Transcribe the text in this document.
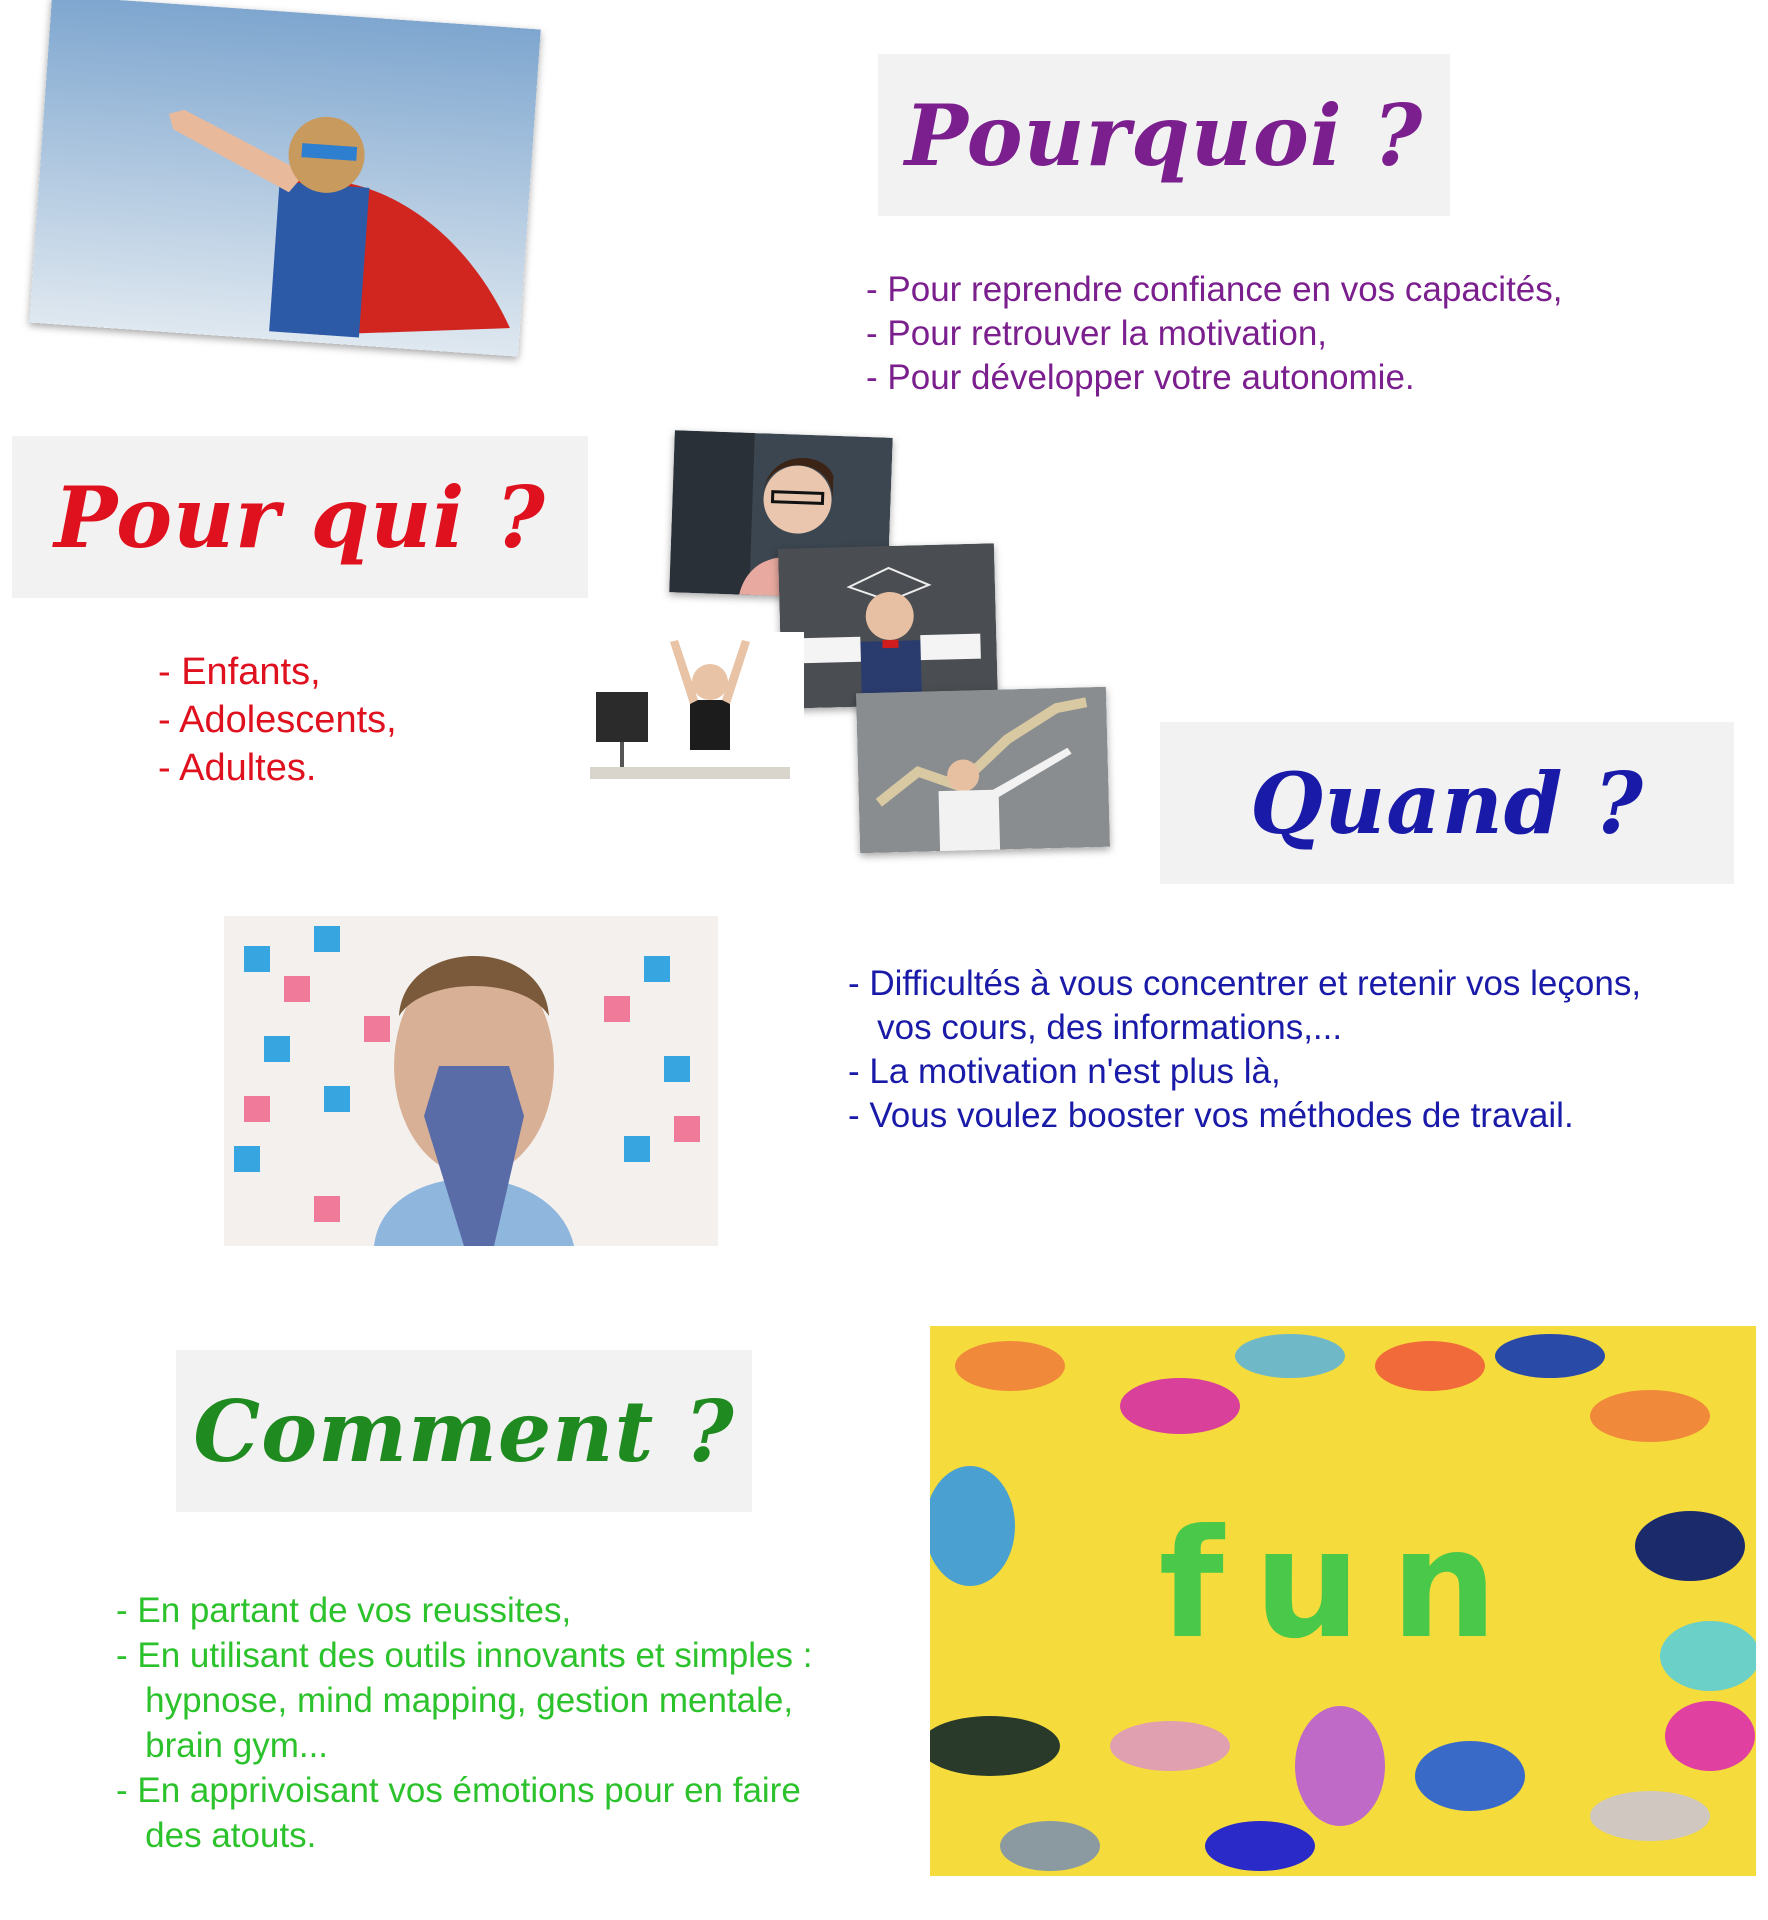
Pourquoi ?
- Pour reprendre confiance en vos capacités,
- Pour retrouver la motivation,
- Pour développer votre autonomie.
Pour qui ?
- Enfants,
- Adolescents,
- Adultes.	Quand ?
- Difficultés à vous concentrer et retenir vos leçons,
vos cours, des informations,...
- La motivation n'est plus là,
- Vous voulez booster vos méthodes de travail.
Comment ?
- En partant de vos reussites,
- En utilisant des outils innovants et simples :
hypnose, mind mapping, gestion mentale,
brain gym...
- En apprivoisant vos émotions pour en faire
des atouts.
fun
